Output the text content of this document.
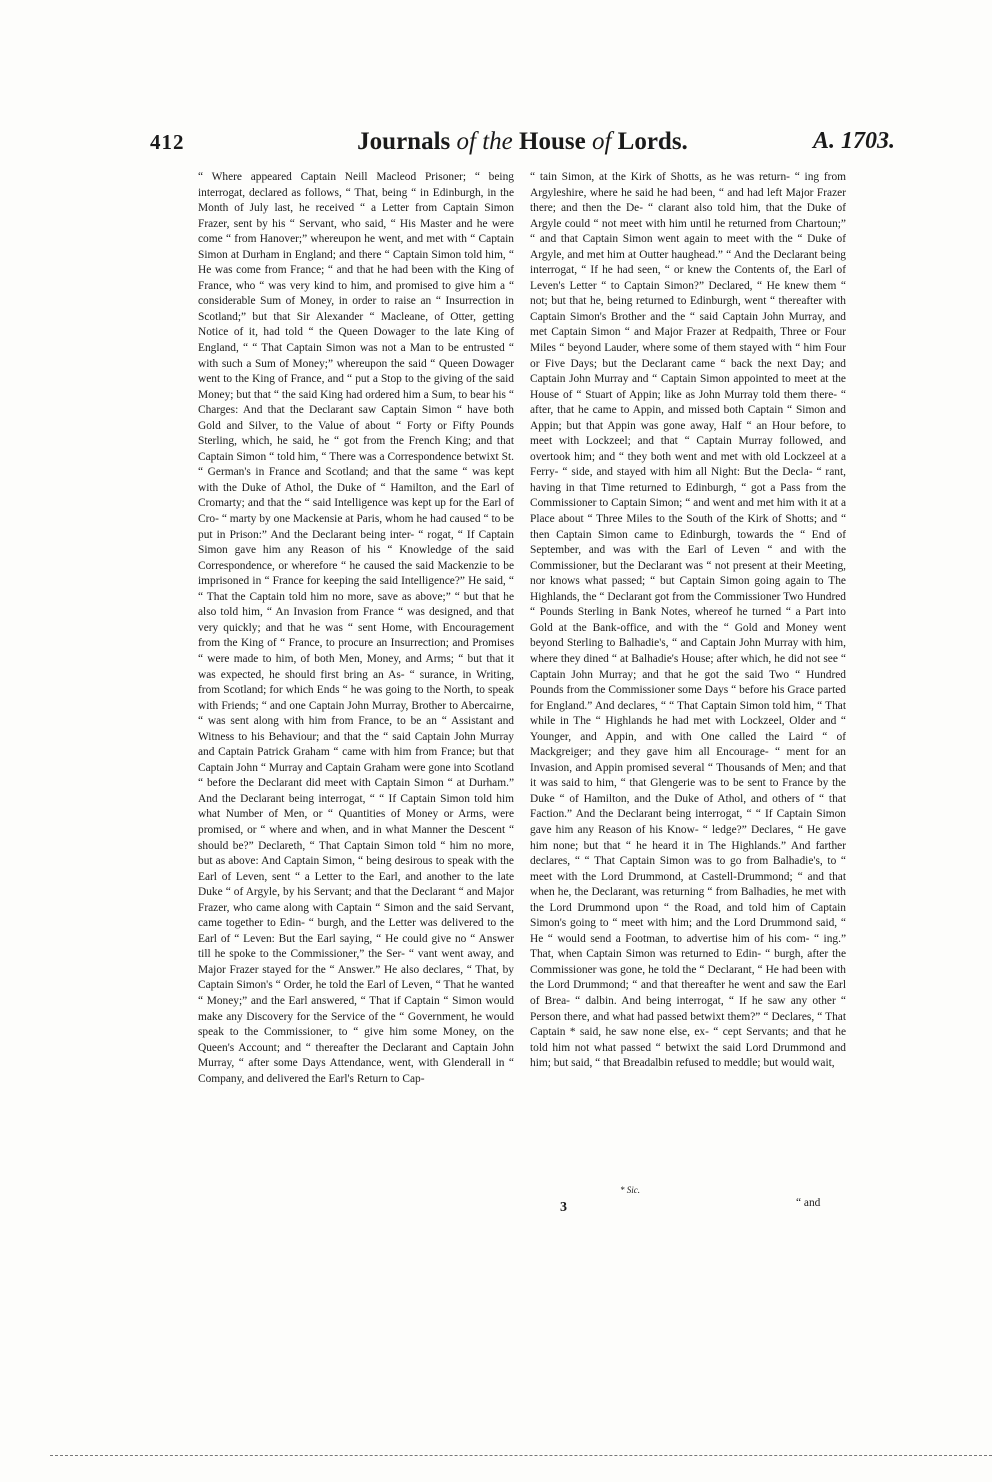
412	Journals of the House of Lords.	A. 1703.

“ Where appeared Captain Neill Macleod Prisoner; “ being interrogat, declared as follows, “ That, being “ in Edinburgh, in the Month of July last, he received “ a Letter from Captain Simon Frazer, sent by his “ Servant, who said, “ His Master and he were come “ from Hanover;” whereupon he went, and met with “ Captain Simon at Durham in England; and there “ Captain Simon told him, “ He was come from France; “ and that he had been with the King of France, who “ was very kind to him, and promised to give him a “ considerable Sum of Money, in order to raise an “ Insurrection in Scotland;” but that Sir Alexander “ Macleane, of Otter, getting Notice of it, had told “ the Queen Dowager to the late King of England, “ “ That Captain Simon was not a Man to be entrusted “ with such a Sum of Money;” whereupon the said “ Queen Dowager went to the King of France, and “ put a Stop to the giving of the said Money; but that “ the said King had ordered him a Sum, to bear his “ Charges: And that the Declarant saw Captain Simon “ have both Gold and Silver, to the Value of about “ Forty or Fifty Pounds Sterling, which, he said, he “ got from the French King; and that Captain Simon “ told him, “ There was a Correspondence betwixt St. “ German's in France and Scotland; and that the same “ was kept with the Duke of Athol, the Duke of “ Hamilton, and the Earl of Cromarty; and that the “ said Intelligence was kept up for the Earl of Cro- “ marty by one Mackensie at Paris, whom he had caused “ to be put in Prison:” And the Declarant being inter- “ rogat, “ If Captain Simon gave him any Reason of his “ Knowledge of the said Correspondence, or wherefore “ he caused the said Mackenzie to be imprisoned in “ France for keeping the said Intelligence?” He said, “ “ That the Captain told him no more, save as above;” “ but that he also told him, “ An Invasion from France “ was designed, and that very quickly; and that he was “ sent Home, with Encouragement from the King of “ France, to procure an Insurrection; and Promises “ were made to him, of both Men, Money, and Arms; “ but that it was expected, he should first bring an As- “ surance, in Writing, from Scotland; for which Ends “ he was going to the North, to speak with Friends; “ and one Captain John Murray, Brother to Abercairne, “ was sent along with him from France, to be an “ Assistant and Witness to his Behaviour; and that the “ said Captain John Murray and Captain Patrick Graham “ came with him from France; but that Captain John “ Murray and Captain Graham were gone into Scotland “ before the Declarant did meet with Captain Simon “ at Durham.” And the Declarant being interrogat, “ “ If Captain Simon told him what Number of Men, or “ Quantities of Money or Arms, were promised, or “ where and when, and in what Manner the Descent “ should be?” Declareth, “ That Captain Simon told “ him no more, but as above: And Captain Simon, “ being desirous to speak with the Earl of Leven, sent “ a Letter to the Earl, and another to the late Duke “ of Argyle, by his Servant; and that the Declarant “ and Major Frazer, who came along with Captain “ Simon and the said Servant, came together to Edin- “ burgh, and the Letter was delivered to the Earl of “ Leven: But the Earl saying, “ He could give no “ Answer till he spoke to the Commissioner,” the Ser- “ vant went away, and Major Frazer stayed for the “ Answer.” He also declares, “ That, by Captain Simon's “ Order, he told the Earl of Leven, “ That he wanted “ Money;” and the Earl answered, “ That if Captain “ Simon would make any Discovery for the Service of the “ Government, he would speak to the Commissioner, to “ give him some Money, on the Queen's Account; and “ thereafter the Declarant and Captain John Murray, “ after some Days Attendance, went, with Glenderall in “ Company, and delivered the Earl's Return to Cap-

“ tain Simon, at the Kirk of Shotts, as he was return- “ ing from Argyleshire, where he said he had been, “ and had left Major Frazer there; and then the De- “ clarant also told him, that the Duke of Argyle could “ not meet with him until he returned from Chartoun;” “ and that Captain Simon went again to meet with the “ Duke of Argyle, and met him at Outter haughead.” “ And the Declarant being interrogat, “ If he had seen, “ or knew the Contents of, the Earl of Leven's Letter “ to Captain Simon?” Declared, “ He knew them “ not; but that he, being returned to Edinburgh, went “ thereafter with Captain Simon's Brother and the “ said Captain John Murray, and met Captain Simon “ and Major Frazer at Redpaith, Three or Four Miles “ beyond Lauder, where some of them stayed with “ him Four or Five Days; but the Declarant came “ back the next Day; and Captain John Murray and “ Captain Simon appointed to meet at the House of “ Stuart of Appin; like as John Murray told them there- “ after, that he came to Appin, and missed both Captain “ Simon and Appin; but that Appin was gone away, Half “ an Hour before, to meet with Lockzeel; and that “ Captain Murray followed, and overtook him; and “ they both went and met with old Lockzeel at a Ferry- “ side, and stayed with him all Night: But the Decla- “ rant, having in that Time returned to Edinburgh, “ got a Pass from the Commissioner to Captain Simon; “ and went and met him with it at a Place about “ Three Miles to the South of the Kirk of Shotts; and “ then Captain Simon came to Edinburgh, towards the “ End of September, and was with the Earl of Leven “ and with the Commissioner, but the Declarant was “ not present at their Meeting, nor knows what passed; “ but Captain Simon going again to The Highlands, the “ Declarant got from the Commissioner Two Hundred “ Pounds Sterling in Bank Notes, whereof he turned “ a Part into Gold at the Bank-office, and with the “ Gold and Money went beyond Sterling to Balhadie's, “ and Captain John Murray with him, where they dined “ at Balhadie's House; after which, he did not see “ Captain John Murray; and that he got the said Two “ Hundred Pounds from the Commissioner some Days “ before his Grace parted for England.” And declares, “ “ That Captain Simon told him, “ That while in The “ Highlands he had met with Lockzeel, Older and “ Younger, and Appin, and with One called the Laird “ of Mackgreiger; and they gave him all Encourage- “ ment for an Invasion, and Appin promised several “ Thousands of Men; and that it was said to him, “ that Glengerie was to be sent to France by the Duke “ of Hamilton, and the Duke of Athol, and others of “ that Faction.” And the Declarant being interrogat, “ “ If Captain Simon gave him any Reason of his Know- “ ledge?” Declares, “ He gave him none; but that “ he heard it in The Highlands.” And farther declares, “ “ That Captain Simon was to go from Balhadie's, to “ meet with the Lord Drummond, at Castell-Drummond; “ and that when he, the Declarant, was returning “ from Balhadies, he met with the Lord Drummond upon “ the Road, and told him of Captain Simon's going to “ meet with him; and the Lord Drummond said, “ He “ would send a Footman, to advertise him of his com- “ ing.” That, when Captain Simon was returned to Edin- “ burgh, after the Commissioner was gone, he told the “ Declarant, “ He had been with the Lord Drummond; “ and that thereafter he went and saw the Earl of Brea- “ dalbin. And being interrogat, “ If he saw any other “ Person there, and what had passed betwixt them?” “ Declares, “ That Captain * said, he saw none else, ex- “ cept Servants; and that he told him not what passed “ betwixt the said Lord Drummond and him; but said, “ that Breadalbin refused to meddle; but would wait,

* Sic.
3	“ and
